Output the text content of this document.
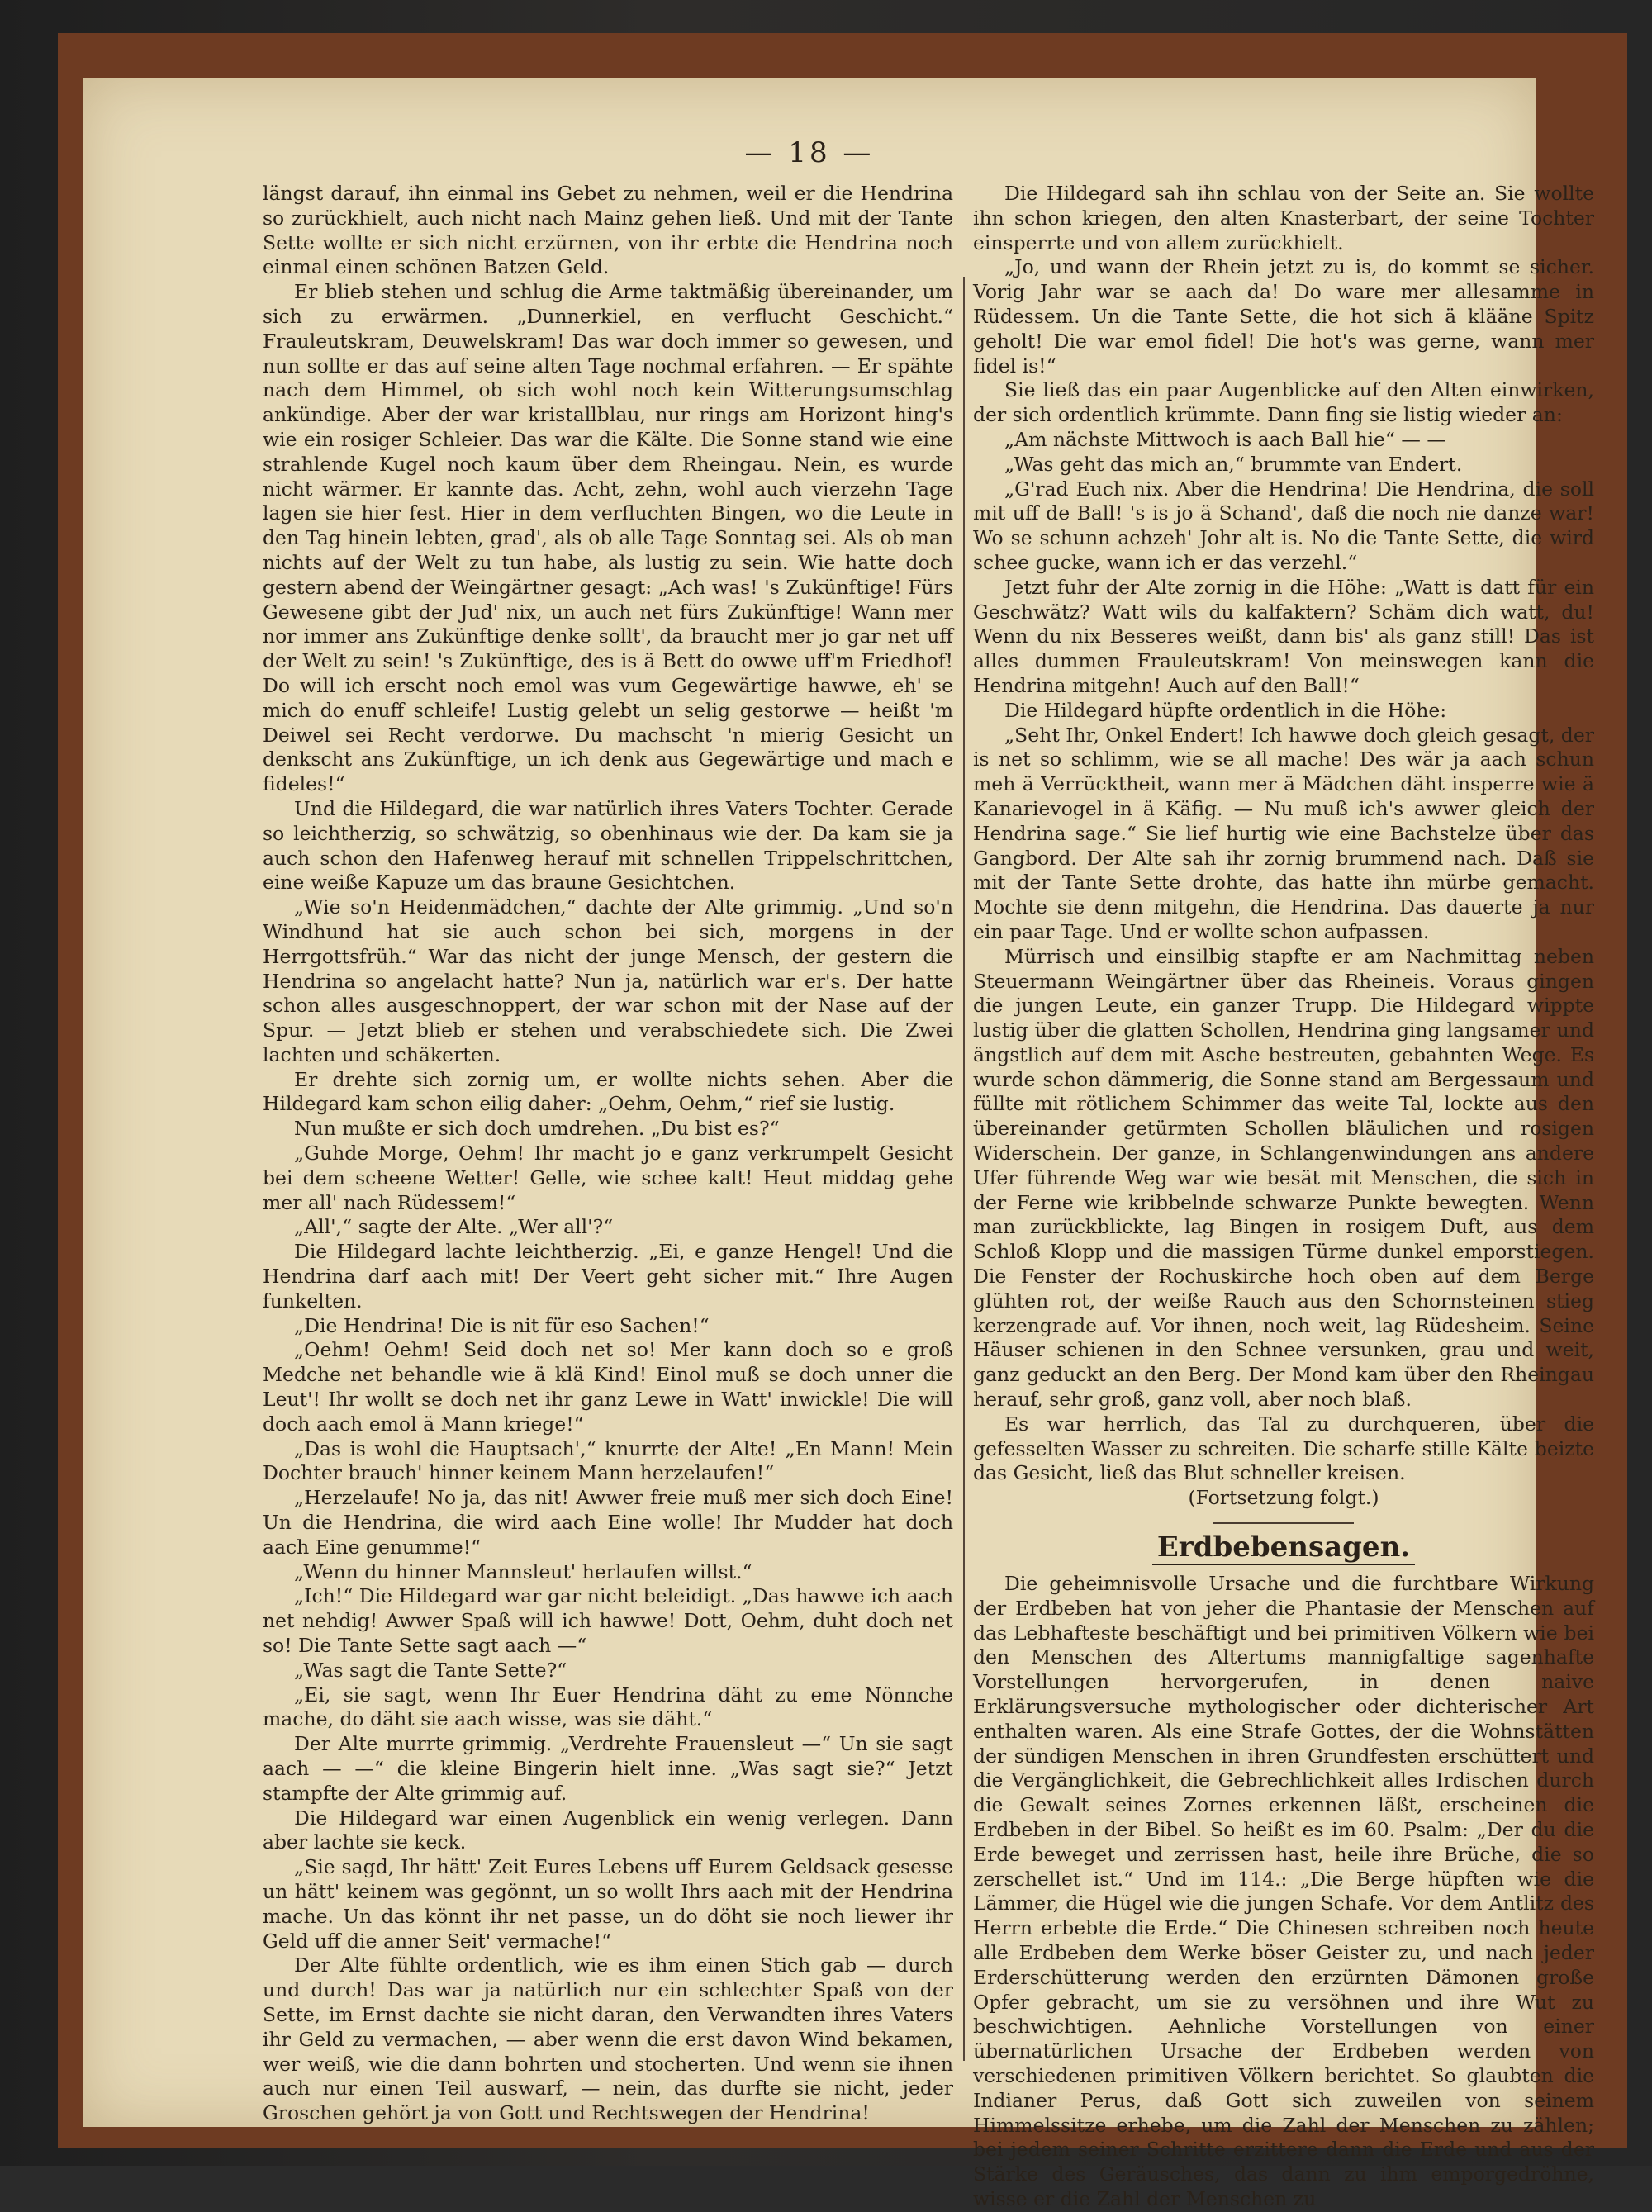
— 18 —

längst darauf, ihn einmal ins Gebet zu nehmen, weil er die Hendrina so zurückhielt, auch nicht nach Mainz gehen ließ. Und mit der Tante Sette wollte er sich nicht erzürnen, von ihr erbte die Hendrina noch einmal einen schönen Batzen Geld.

Er blieb stehen und schlug die Arme taktmäßig übereinander, um sich zu erwärmen. „Dunnerkiel, en verflucht Geschicht.“ Frauleutskram, Deuwelskram! Das war doch immer so gewesen, und nun sollte er das auf seine alten Tage nochmal erfahren. — Er spähte nach dem Himmel, ob sich wohl noch kein Witterungsumschlag ankündige. Aber der war kristallblau, nur rings am Horizont hing's wie ein rosiger Schleier. Das war die Kälte. Die Sonne stand wie eine strahlende Kugel noch kaum über dem Rheingau. Nein, es wurde nicht wärmer. Er kannte das. Acht, zehn, wohl auch vierzehn Tage lagen sie hier fest. Hier in dem verfluchten Bingen, wo die Leute in den Tag hinein lebten, grad', als ob alle Tage Sonntag sei. Als ob man nichts auf der Welt zu tun habe, als lustig zu sein. Wie hatte doch gestern abend der Weingärtner gesagt: „Ach was! 's Zukünftige! Fürs Gewesene gibt der Jud' nix, un auch net fürs Zukünftige! Wann mer nor immer ans Zukünftige denke sollt', da braucht mer jo gar net uff der Welt zu sein! 's Zukünftige, des is ä Bett do owwe uff'm Friedhof! Do will ich erscht noch emol was vum Gegewärtige hawwe, eh' se mich do enuff schleife! Lustig gelebt un selig gestorwe — heißt 'm Deiwel sei Recht verdorwe. Du machscht 'n mierig Gesicht un denkscht ans Zukünftige, un ich denk aus Gegewärtige und mach e fideles!“

Und die Hildegard, die war natürlich ihres Vaters Tochter. Gerade so leichtherzig, so schwätzig, so obenhinaus wie der. Da kam sie ja auch schon den Hafenweg herauf mit schnellen Trippelschrittchen, eine weiße Kapuze um das braune Gesichtchen.

„Wie so'n Heidenmädchen,“ dachte der Alte grimmig. „Und so'n Windhund hat sie auch schon bei sich, morgens in der Herrgottsfrüh.“ War das nicht der junge Mensch, der gestern die Hendrina so angelacht hatte? Nun ja, natürlich war er's. Der hatte schon alles ausgeschnoppert, der war schon mit der Nase auf der Spur. — Jetzt blieb er stehen und verabschiedete sich. Die Zwei lachten und schäkerten.

Er drehte sich zornig um, er wollte nichts sehen. Aber die Hildegard kam schon eilig daher: „Oehm, Oehm,“ rief sie lustig.

Nun mußte er sich doch umdrehen. „Du bist es?“

„Guhde Morge, Oehm! Ihr macht jo e ganz verkrumpelt Gesicht bei dem scheene Wetter! Gelle, wie schee kalt! Heut middag gehe mer all' nach Rüdessem!“

„All',“ sagte der Alte. „Wer all'?“

Die Hildegard lachte leichtherzig. „Ei, e ganze Hengel! Und die Hendrina darf aach mit! Der Veert geht sicher mit.“ Ihre Augen funkelten.

„Die Hendrina! Die is nit für eso Sachen!“

„Oehm! Oehm! Seid doch net so! Mer kann doch so e groß Medche net behandle wie ä klä Kind! Einol muß se doch unner die Leut'! Ihr wollt se doch net ihr ganz Lewe in Watt' inwickle! Die will doch aach emol ä Mann kriege!“

„Das is wohl die Hauptsach',“ knurrte der Alte! „En Mann! Mein Dochter brauch' hinner keinem Mann herzelaufen!“

„Herzelaufe! No ja, das nit! Awwer freie muß mer sich doch Eine! Un die Hendrina, die wird aach Eine wolle! Ihr Mudder hat doch aach Eine genumme!“

„Wenn du hinner Mannsleut' herlaufen willst.“

„Ich!“ Die Hildegard war gar nicht beleidigt. „Das hawwe ich aach net nehdig! Awwer Spaß will ich hawwe! Dott, Oehm, duht doch net so! Die Tante Sette sagt aach —“

„Was sagt die Tante Sette?“

„Ei, sie sagt, wenn Ihr Euer Hendrina däht zu eme Nönnche mache, do däht sie aach wisse, was sie däht.“

Der Alte murrte grimmig. „Verdrehte Frauensleut —“ Un sie sagt aach — —“ die kleine Bingerin hielt inne. „Was sagt sie?“ Jetzt stampfte der Alte grimmig auf.

Die Hildegard war einen Augenblick ein wenig verlegen. Dann aber lachte sie keck.

„Sie sagd, Ihr hätt' Zeit Eures Lebens uff Eurem Geldsack gesesse un hätt' keinem was gegönnt, un so wollt Ihrs aach mit der Hendrina mache. Un das könnt ihr net passe, un do döht sie noch liewer ihr Geld uff die anner Seit' vermache!“

Der Alte fühlte ordentlich, wie es ihm einen Stich gab — durch und durch! Das war ja natürlich nur ein schlechter Spaß von der Sette, im Ernst dachte sie nicht daran, den Verwandten ihres Vaters ihr Geld zu vermachen, — aber wenn die erst davon Wind bekamen, wer weiß, wie die dann bohrten und stocherten. Und wenn sie ihnen auch nur einen Teil auswarf, — nein, das durfte sie nicht, jeder Groschen gehört ja von Gott und Rechtswegen der Hendrina!

Die Hildegard sah ihn schlau von der Seite an. Sie wollte ihn schon kriegen, den alten Knasterbart, der seine Tochter einsperrte und von allem zurückhielt.

„Jo, und wann der Rhein jetzt zu is, do kommt se sicher. Vorig Jahr war se aach da! Do ware mer allesamme in Rüdessem. Un die Tante Sette, die hot sich ä kläänе Spitz geholt! Die war emol fidel! Die hot's was gerne, wann mer fidel is!“

Sie ließ das ein paar Augenblicke auf den Alten einwirken, der sich ordentlich krümmte. Dann fing sie listig wieder an:

„Am nächste Mittwoch is aach Ball hie“ — —

„Was geht das mich an,“ brummte van Endert.

„G'rad Euch nix. Aber die Hendrina! Die Hendrina, die soll mit uff de Ball! 's is jo ä Schand', daß die noch nie danze war! Wo se schunn achzeh' Johr alt is. No die Tante Sette, die wird schee gucke, wann ich er das verzehl.“

Jetzt fuhr der Alte zornig in die Höhe: „Watt is datt für ein Geschwätz? Watt wils du kalfaktern? Schäm dich watt, du! Wenn du nix Besseres weißt, dann bis' als ganz still! Das ist alles dummen Frauleutskram! Von meinswegen kann die Hendrina mitgehn! Auch auf den Ball!“

Die Hildegard hüpfte ordentlich in die Höhe:

„Seht Ihr, Onkel Endert! Ich hawwe doch gleich gesagt, der is net so schlimm, wie se all mache! Des wär ja aach schun meh ä Verrücktheit, wann mer ä Mädchen däht insperre wie ä Kanarievogel in ä Käfig. — Nu muß ich's awwer gleich der Hendrina sage.“ Sie lief hurtig wie eine Bachstelze über das Gangbord. Der Alte sah ihr zornig brummend nach. Daß sie mit der Tante Sette drohte, das hatte ihn mürbe gemacht. Mochte sie denn mitgehn, die Hendrina. Das dauerte ja nur ein paar Tage. Und er wollte schon aufpassen.

Mürrisch und einsilbig stapfte er am Nachmittag neben Steuermann Weingärtner über das Rheineis. Voraus gingen die jungen Leute, ein ganzer Trupp. Die Hildegard wippte lustig über die glatten Schollen, Hendrina ging langsamer und ängstlich auf dem mit Asche bestreuten, gebahnten Wege. Es wurde schon dämmerig, die Sonne stand am Bergessaum und füllte mit rötlichem Schimmer das weite Tal, lockte aus den übereinander getürmten Schollen bläulichen und rosigen Widerschein. Der ganze, in Schlangenwindungen ans andere Ufer führende Weg war wie besät mit Menschen, die sich in der Ferne wie kribbelnde schwarze Punkte bewegten. Wenn man zurückblickte, lag Bingen in rosigem Duft, aus dem Schloß Klopp und die massigen Türme dunkel emporstiegen. Die Fenster der Rochuskirche hoch oben auf dem Berge glühten rot, der weiße Rauch aus den Schornsteinen stieg kerzengrade auf. Vor ihnen, noch weit, lag Rüdesheim. Seine Häuser schienen in den Schnee versunken, grau und weit, ganz geduckt an den Berg. Der Mond kam über den Rheingau herauf, sehr groß, ganz voll, aber noch blaß.

Es war herrlich, das Tal zu durchqueren, über die gefesselten Wasser zu schreiten. Die scharfe stille Kälte beizte das Gesicht, ließ das Blut schneller kreisen.

(Fortsetzung folgt.)

Erdbebensagen.

Die geheimnisvolle Ursache und die furchtbare Wirkung der Erdbeben hat von jeher die Phantasie der Menschen auf das Lebhafteste beschäftigt und bei primitiven Völkern wie bei den Menschen des Altertums mannigfaltige sagenhafte Vorstellungen hervorgerufen, in denen naive Erklärungsversuche mythologischer oder dichterischer Art enthalten waren. Als eine Strafe Gottes, der die Wohnstätten der sündigen Menschen in ihren Grundfesten erschüttert und die Vergänglichkeit, die Gebrechlichkeit alles Irdischen durch die Gewalt seines Zornes erkennen läßt, erscheinen die Erdbeben in der Bibel. So heißt es im 60. Psalm: „Der du die Erde beweget und zerrissen hast, heile ihre Brüche, die so zerschellet ist.“ Und im 114.: „Die Berge hüpften wie die Lämmer, die Hügel wie die jungen Schafe. Vor dem Antlitz des Herrn erbebte die Erde.“ Die Chinesen schreiben noch heute alle Erdbeben dem Werke böser Geister zu, und nach jeder Erderschütterung werden den erzürnten Dämonen große Opfer gebracht, um sie zu versöhnen und ihre Wut zu beschwichtigen. Aehnliche Vorstellungen von einer übernatürlichen Ursache der Erdbeben werden von verschiedenen primitiven Völkern berichtet. So glaubten die Indianer Perus, daß Gott sich zuweilen von seinem Himmelssitze erhebe, um die Zahl der Menschen zu zählen; bei jedem seiner Schritte erzittere dann die Erde und aus der Stärke des Geräusches, das dann zu ihm emporgedröhne, wisse er die Zahl der Menschen zu
